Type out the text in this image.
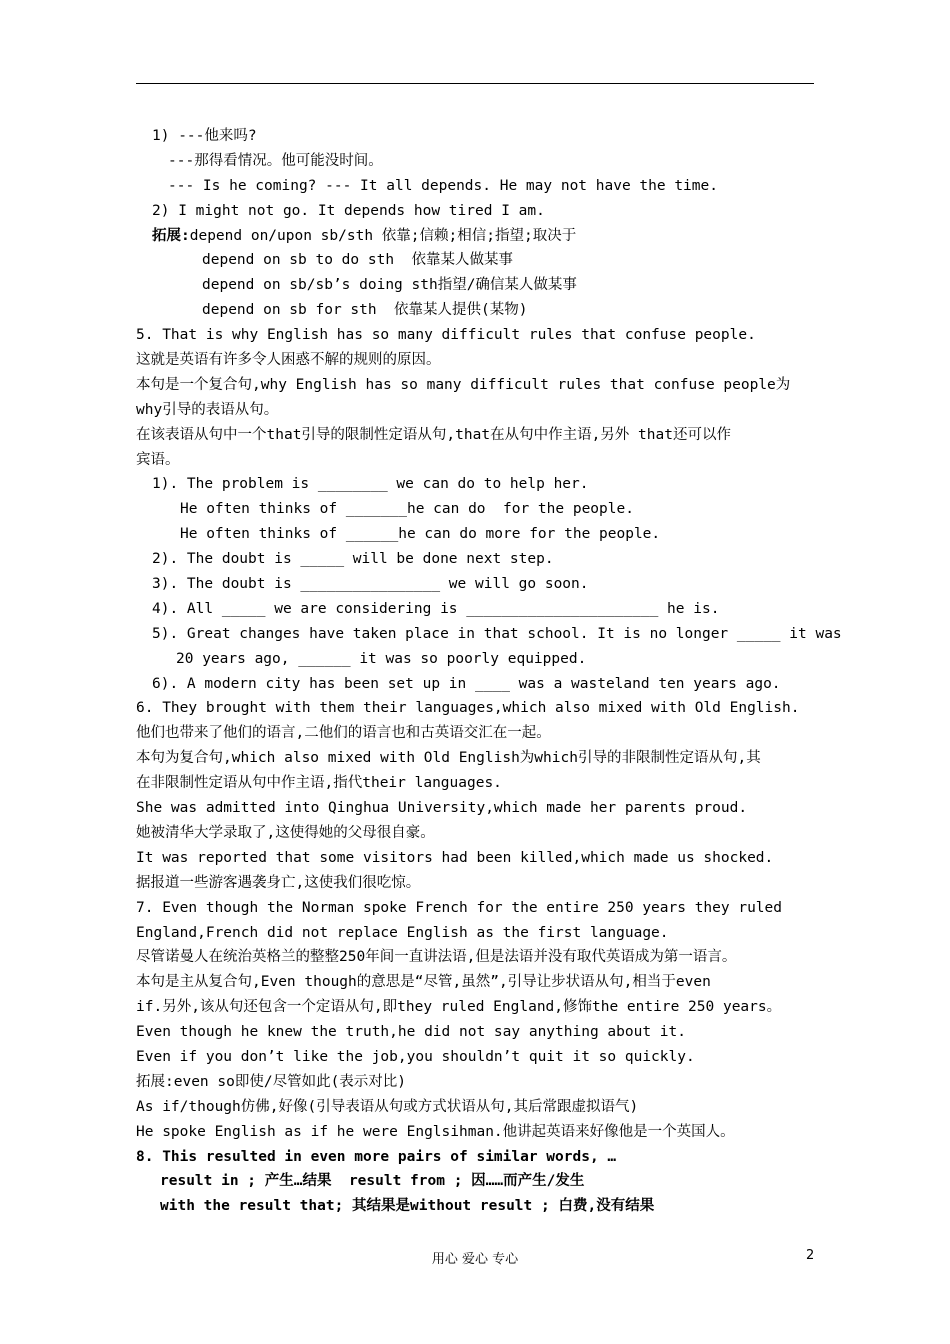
1) ---他来吗?
---那得看情况。他可能没时间。
--- Is he coming? --- It all depends. He may not have the time.
2) I might not go. It depends how tired I am.
拓展:depend on/upon sb/sth 依靠;信赖;相信;指望;取决于
depend on sb to do sth  依靠某人做某事
depend on sb/sb’s doing sth指望/确信某人做某事
depend on sb for sth  依靠某人提供(某物)
5. That is why English has so many difficult rules that confuse people.
这就是英语有许多令人困惑不解的规则的原因。
本句是一个复合句,why English has so many difficult rules that confuse people为
why引导的表语从句。
在该表语从句中一个that引导的限制性定语从句,that在从句中作主语,另外 that还可以作
宾语。
1). The problem is ________ we can do to help her.
He often thinks of _______he can do  for the people.
He often thinks of ______he can do more for the people.
2). The doubt is _____ will be done next step.
3). The doubt is ________________ we will go soon.
4). All _____ we are considering is ______________________ he is.
5). Great changes have taken place in that school. It is no longer _____ it was
20 years ago, ______ it was so poorly equipped.
6). A modern city has been set up in ____ was a wasteland ten years ago.
6. They brought with them their languages,which also mixed with Old English.
他们也带来了他们的语言,二他们的语言也和古英语交汇在一起。
本句为复合句,which also mixed with Old English为which引导的非限制性定语从句,其
在非限制性定语从句中作主语,指代their languages.
She was admitted into Qinghua University,which made her parents proud.
她被清华大学录取了,这使得她的父母很自豪。
It was reported that some visitors had been killed,which made us shocked.
据报道一些游客遇袭身亡,这使我们很吃惊。
7. Even though the Norman spoke French for the entire 250 years they ruled
England,French did not replace English as the first language.
尽管诺曼人在统治英格兰的整整250年间一直讲法语,但是法语并没有取代英语成为第一语言。
本句是主从复合句,Even though的意思是“尽管,虽然”,引导让步状语从句,相当于even
if.另外,该从句还包含一个定语从句,即they ruled England,修饰the entire 250 years。
Even though he knew the truth,he did not say anything about it.
Even if you don’t like the job,you shouldn’t quit it so quickly.
拓展:even so即使/尽管如此(表示对比)
As if/though仿佛,好像(引导表语从句或方式状语从句,其后常跟虚拟语气)
He spoke English as if he were Englsihman.他讲起英语来好像他是一个英国人。
8. This resulted in even more pairs of similar words, …
result in ; 产生…结果  result from ; 因……而产生/发生
with the result that; 其结果是without result ; 白费,没有结果
用心 爱心 专心	2
